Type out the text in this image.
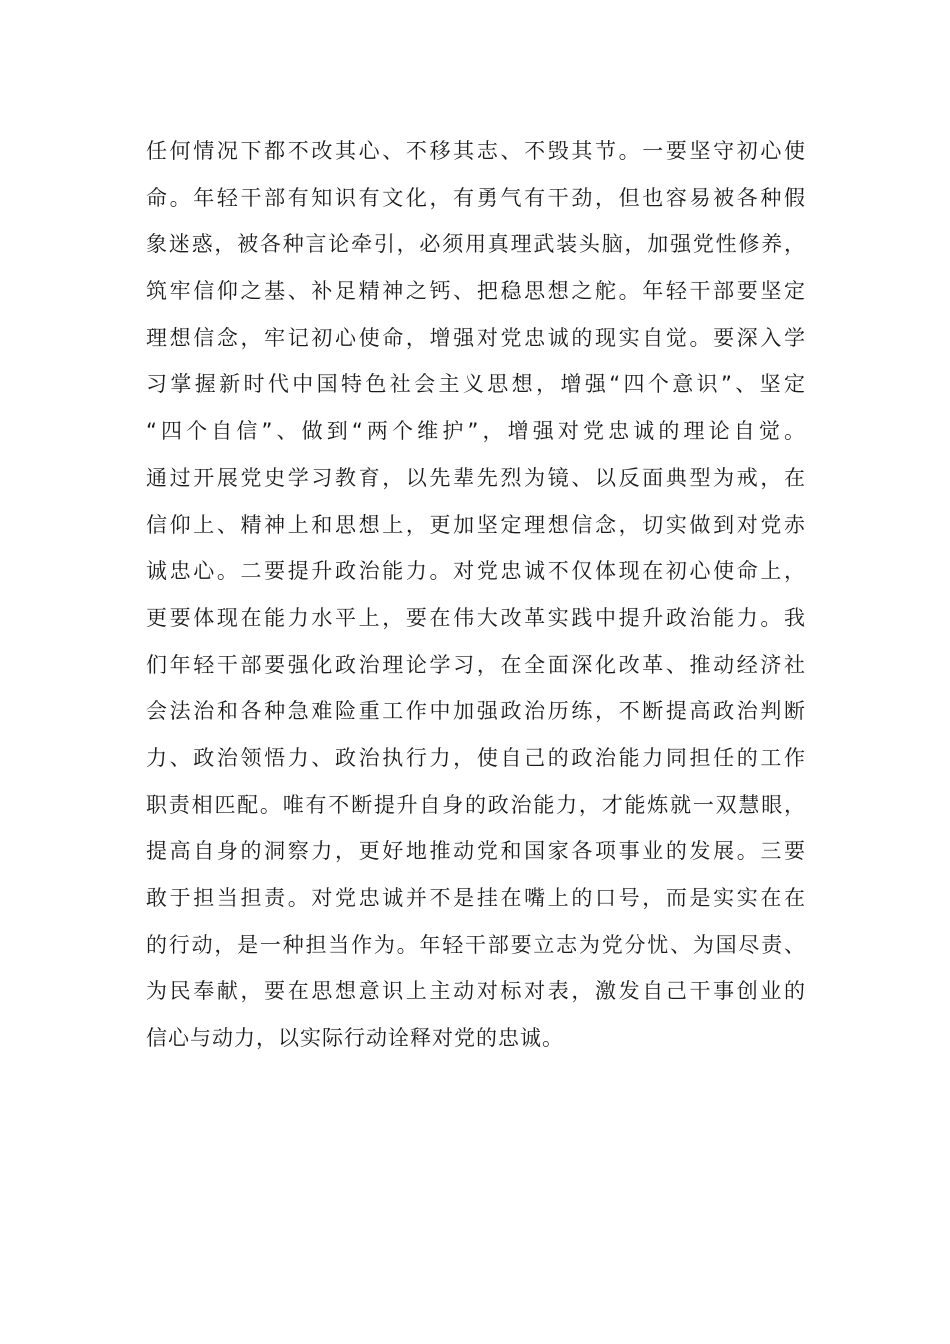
任何情况下都不改其心、不移其志、不毁其节。一要坚守初心使
命。年轻干部有知识有文化，有勇气有干劲，但也容易被各种假
象迷惑，被各种言论牵引，必须用真理武装头脑，加强党性修养，
筑牢信仰之基、补足精神之钙、把稳思想之舵。年轻干部要坚定
理想信念，牢记初心使命，增强对党忠诚的现实自觉。要深入学
习掌握新时代中国特色社会主义思想，增强“四个意识”、坚定
“四个自信”、做到“两个维护”，增强对党忠诚的理论自觉。
通过开展党史学习教育，以先辈先烈为镜、以反面典型为戒，在
信仰上、精神上和思想上，更加坚定理想信念，切实做到对党赤
诚忠心。二要提升政治能力。对党忠诚不仅体现在初心使命上，
更要体现在能力水平上，要在伟大改革实践中提升政治能力。我
们年轻干部要强化政治理论学习，在全面深化改革、推动经济社
会法治和各种急难险重工作中加强政治历练，不断提高政治判断
力、政治领悟力、政治执行力，使自己的政治能力同担任的工作
职责相匹配。唯有不断提升自身的政治能力，才能炼就一双慧眼，
提高自身的洞察力，更好地推动党和国家各项事业的发展。三要
敢于担当担责。对党忠诚并不是挂在嘴上的口号，而是实实在在
的行动，是一种担当作为。年轻干部要立志为党分忧、为国尽责、
为民奉献，要在思想意识上主动对标对表，激发自己干事创业的
信心与动力，以实际行动诠释对党的忠诚。
